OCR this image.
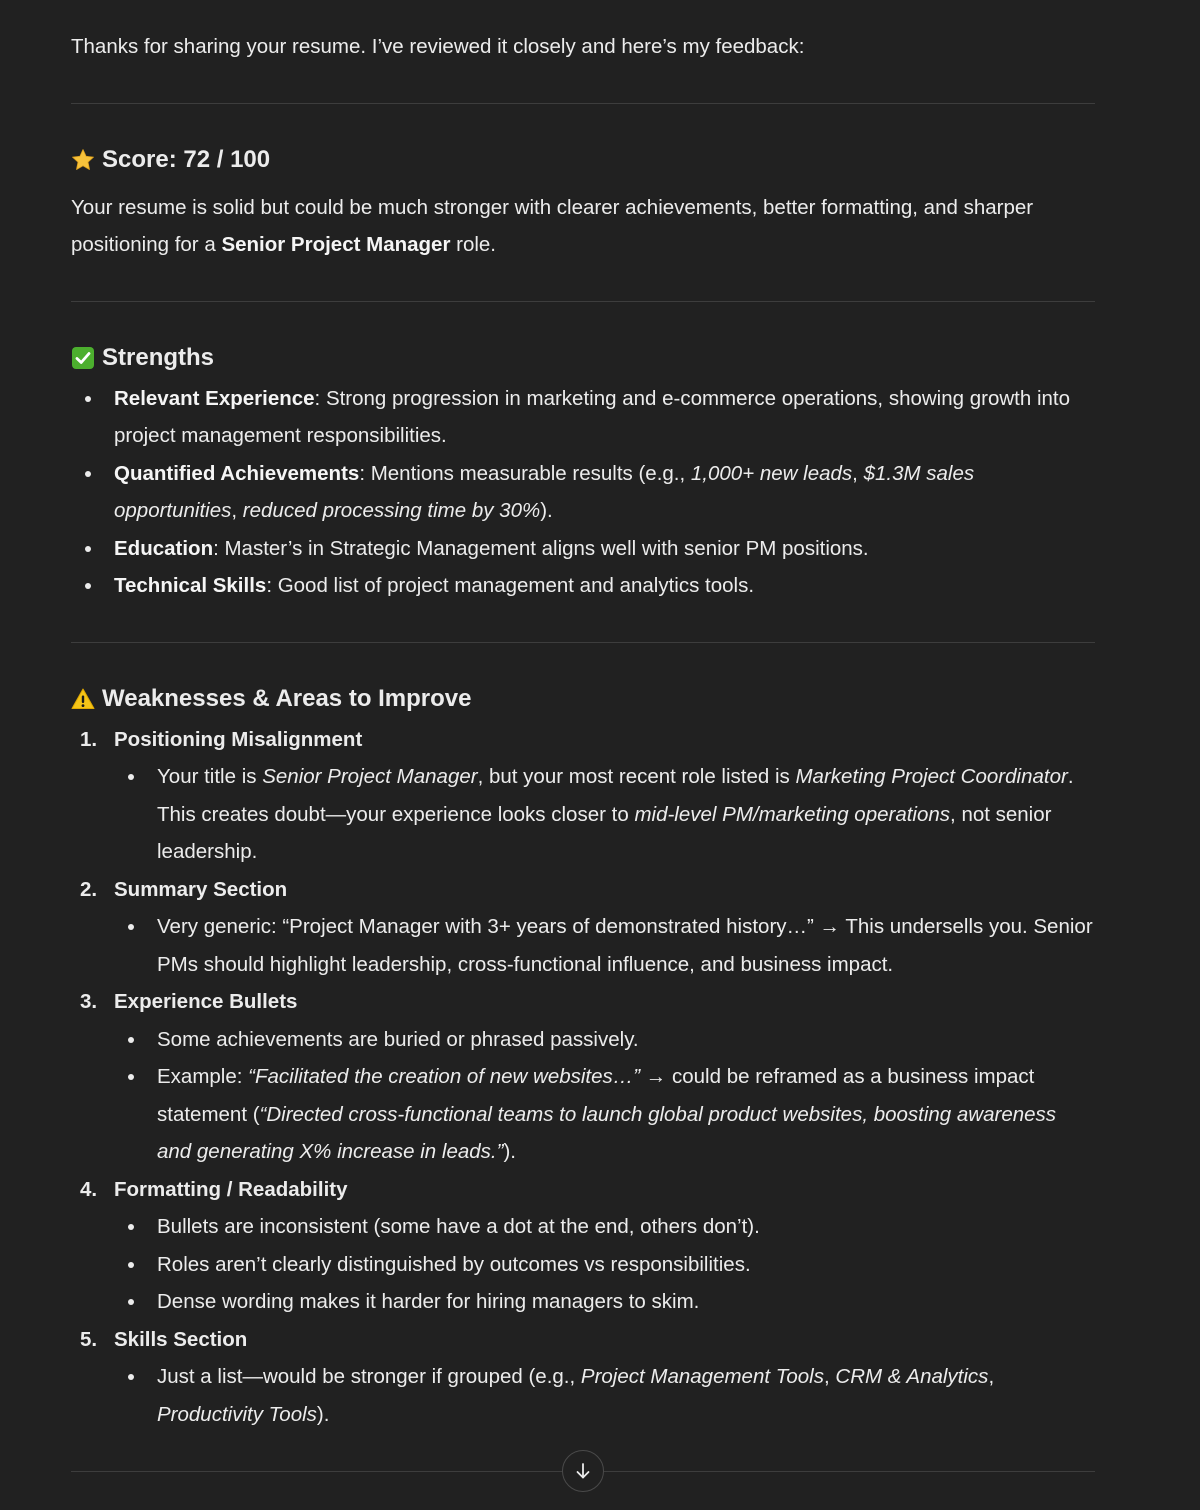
Thanks for sharing your resume. I’ve reviewed it closely and here’s my feedback:

Score: 72 / 100

Your resume is solid but could be much stronger with clearer achievements, better formatting, and sharper positioning for a Senior Project Manager role.

Strengths
Relevant Experience: Strong progression in marketing and e-commerce operations, showing growth into project management responsibilities.
Quantified Achievements: Mentions measurable results (e.g., 1,000+ new leads, $1.3M sales opportunities, reduced processing time by 30%).
Education: Master’s in Strategic Management aligns well with senior PM positions.
Technical Skills: Good list of project management and analytics tools.
Weaknesses & Areas to Improve
1. Positioning Misalignment
Your title is Senior Project Manager, but your most recent role listed is Marketing Project Coordinator. This creates doubt—your experience looks closer to mid-level PM/marketing operations, not senior leadership.
2. Summary Section
Very generic: “Project Manager with 3+ years of demonstrated history…” → This undersells you. Senior PMs should highlight leadership, cross-functional influence, and business impact.
3. Experience Bullets
Some achievements are buried or phrased passively.
Example: “Facilitated the creation of new websites…” → could be reframed as a business impact statement (“Directed cross-functional teams to launch global product websites, boosting awareness and generating X% increase in leads.”).
4. Formatting / Readability
Bullets are inconsistent (some have a dot at the end, others don’t).
Roles aren’t clearly distinguished by outcomes vs responsibilities.
Dense wording makes it harder for hiring managers to skim.
5. Skills Section
Just a list—would be stronger if grouped (e.g., Project Management Tools, CRM & Analytics, Productivity Tools).
